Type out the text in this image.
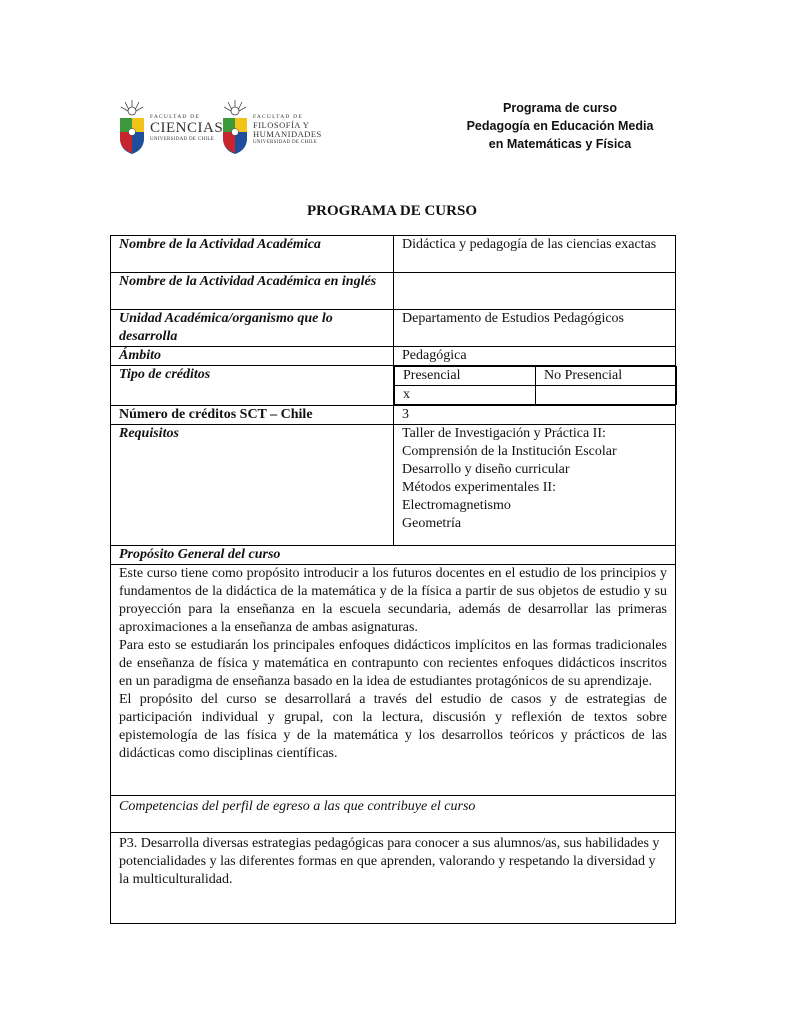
FACULTAD DE
CIENCIAS
UNIVERSIDAD DE CHILE
FACULTAD DE
FILOSOFÍA Y
HUMANIDADES
UNIVERSIDAD DE CHILE
Programa de curso
Pedagogía en Educación Media
en Matemáticas y Física
PROGRAMA DE CURSO
Nombre de la Actividad Académica	Didáctica y pedagogía de las ciencias exactas
Nombre de la Actividad Académica en inglés	
Unidad Académica/organismo que lo desarrolla	Departamento de Estudios Pedagógicos
Ámbito	Pedagógica
Tipo de créditos		Presencial	No Presencial
x	

Número de créditos SCT – Chile	3
Requisitos	Taller de Investigación y Práctica II:
Comprensión de la Institución Escolar
Desarrollo y diseño curricular
Métodos experimentales II:
Electromagnetismo
Geometría

Propósito General del curso

Este curso tiene como propósito introducir a los futuros docentes en el estudio de los principios y fundamentos de la didáctica de la matemática y de la física a partir de sus objetos de estudio y su proyección para la enseñanza en la escuela secundaria, además de desarrollar las primeras aproximaciones a la enseñanza de ambas asignaturas.
Para esto se estudiarán los principales enfoques didácticos implícitos en las formas tradicionales de enseñanza de física y matemática en contrapunto con recientes enfoques didácticos inscritos en un paradigma de enseñanza basado en la idea de estudiantes protagónicos de su aprendizaje.
El propósito del curso se desarrollará a través del estudio de casos y de estrategias de participación individual y grupal, con la lectura, discusión y reflexión de textos sobre epistemología de las física y de la matemática y los desarrollos teóricos y prácticos de las didácticas como disciplinas científicas.

Competencias del perfil de egreso a las que contribuye el curso
P3. Desarrolla diversas estrategias pedagógicas para conocer a sus alumnos/as, sus habilidades y potencialidades y las diferentes formas en que aprenden, valorando y respetando la diversidad y la multiculturalidad.
